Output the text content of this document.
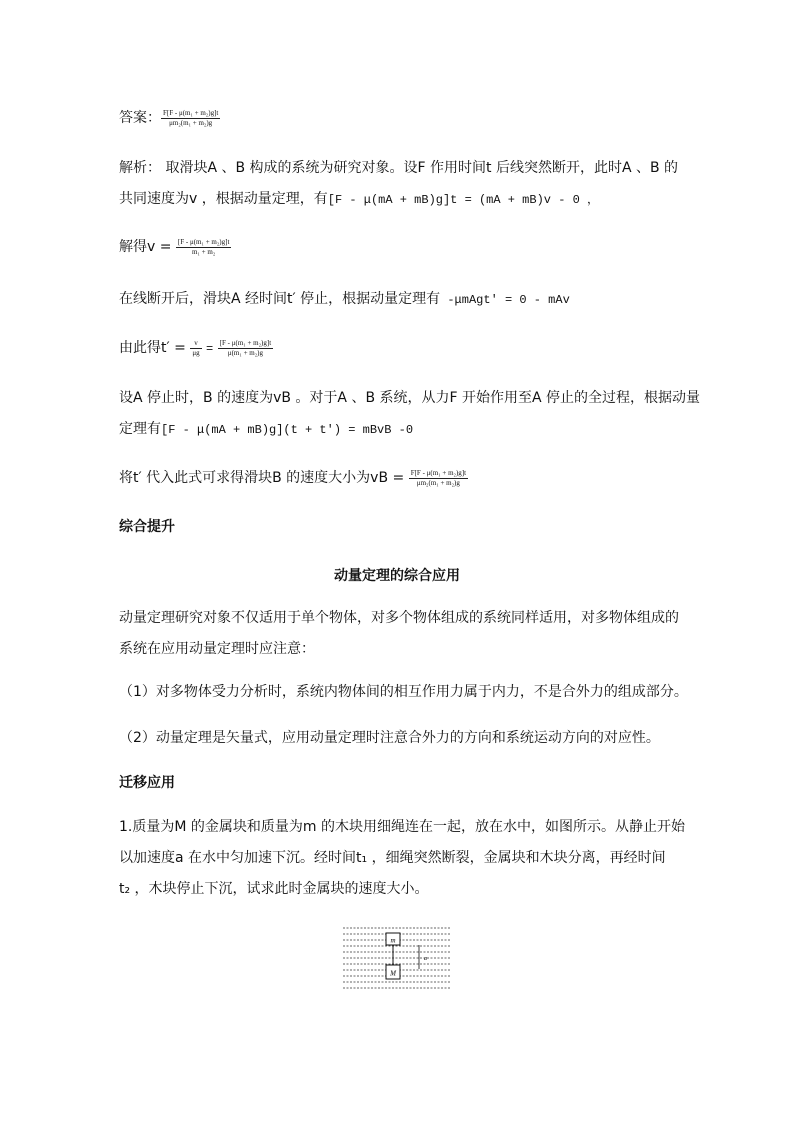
答案： $\frac{\text{F[F - μ(m₁ + m₂)g]t}}{\text{μm₂(m₁ + m₂)g}}$
解析： 取滑块A 、B 构成的系统为研究对象。设F 作用时间t 后线突然断开，此时A 、B 的
共同速度为v ，根据动量定理，有[F - μ(mA + mB)g]t = (mA + mB)v - 0 ，
解得$v = \frac{\text{[F - μ(m₁ + m₂)g]t}}{\text{m₁ + m₂}}$
在线断开后，滑块A 经时间t′ 停止，根据动量定理有 -μmAgt′ = 0 - mAv
由此得$t' = \frac{v}{\mu g} = \frac{\text{[F - μ(m₁ + m₂)g]t}}{\text{μ(m₁ + m₂)g}}$
设A 停止时，B 的速度为vB 。对于A 、B 系统，从力F 开始作用至A 停止的全过程，根据动量
定理有[F - μ(mA + mB)g](t + t′) = mBvB -0
将t′ 代入此式可求得滑块B 的速度大小为vB = $\frac{\text{F[F - μ(m₁ + m₂)g]t}}{\text{μm₂(m₁ + m₂)g}}$
综合提升
动量定理的综合应用
动量定理研究对象不仅适用于单个物体，对多个物体组成的系统同样适用，对多物体组成的
系统在应用动量定理时应注意：
（1）对多物体受力分析时，系统内物体间的相互作用力属于内力，不是合外力的组成部分。
（2）动量定理是矢量式，应用动量定理时注意合外力的方向和系统运动方向的对应性。
迁移应用
1.质量为M 的金属块和质量为m 的木块用细绳连在一起，放在水中，如图所示。从静止开始
以加速度a 在水中匀加速下沉。经时间t₁ ，细绳突然断裂，金属块和木块分离，再经时间
t₂ ，木块停止下沉，试求此时金属块的速度大小。
m
M
a
